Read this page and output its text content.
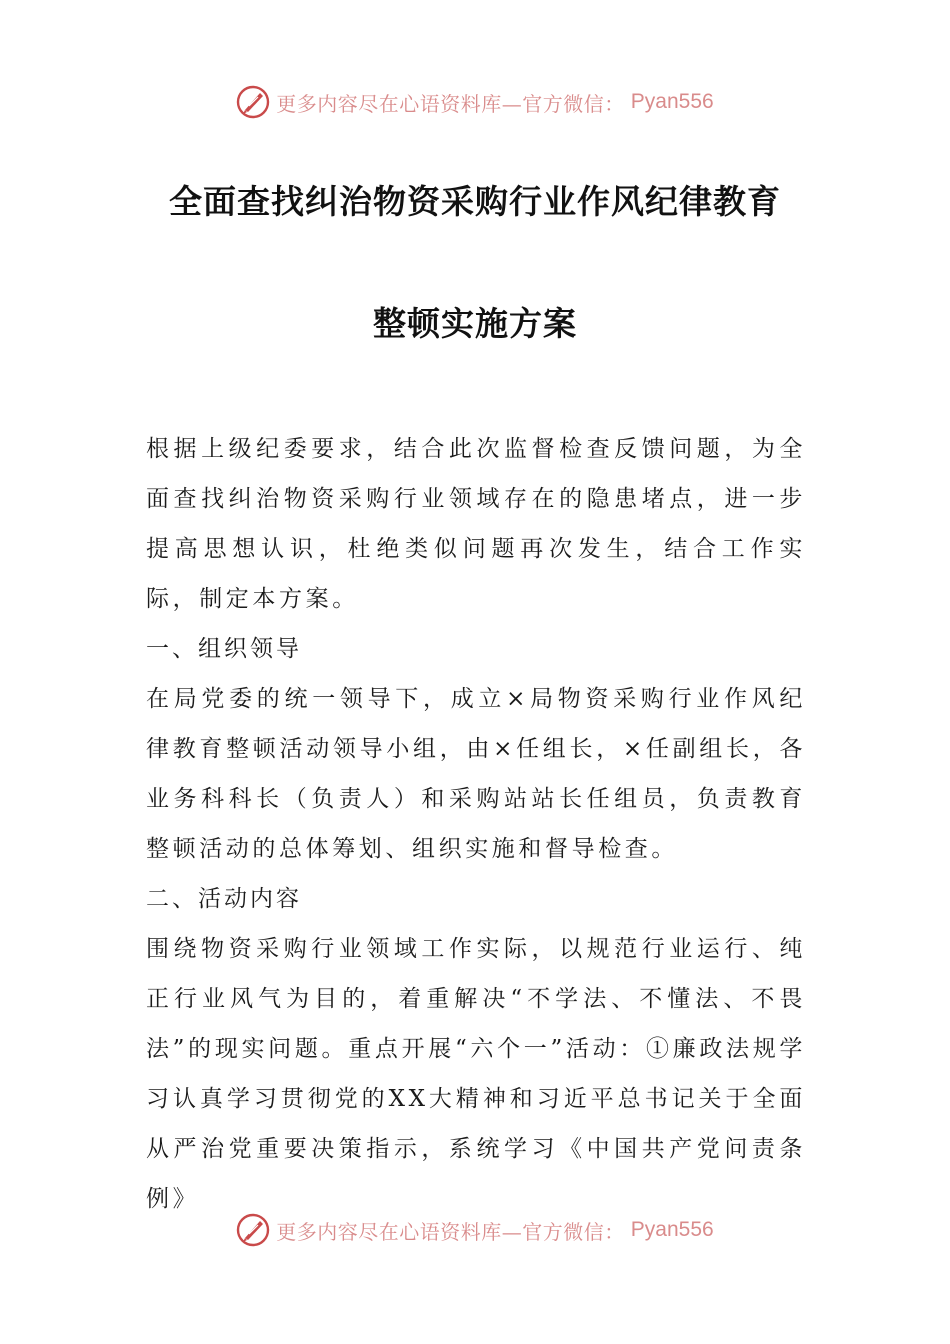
更多内容尽在心语资料库—官方微信： Pyan556
全面查找纠治物资采购行业作风纪律教育
整顿实施方案

根据上级纪委要求，结合此次监督检查反馈问题，为全面查找纠治物资采购行业领域存在的隐患堵点，进一步提高思想认识，杜绝类似问题再次发生，结合工作实际，制定本方案。

一、组织领导

在局党委的统一领导下，成立×局物资采购行业作风纪律教育整顿活动领导小组，由×任组长，×任副组长，各业务科科长（负责人）和采购站站长任组员，负责教育整顿活动的总体筹划、组织实施和督导检查。

二、活动内容

围绕物资采购行业领域工作实际，以规范行业运行、纯正行业风气为目的，着重解决“不学法、不懂法、不畏法”的现实问题。重点开展“六个一”活动：①廉政法规学习认真学习贯彻党的XX大精神和习近平总书记关于全面从严治党重要决策指示，系统学习《中国共产党问责条例》

更多内容尽在心语资料库—官方微信： Pyan556
